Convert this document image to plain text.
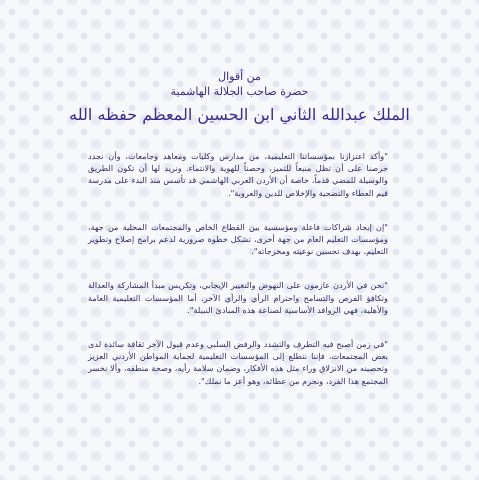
من أقوال

حضرة صاحب الجلالة الهاشمية

الملك عبدالله الثاني ابن الحسين المعظم حفظه الله

"وأكد اعتزازنا بمؤسساتنا التعليمية، من مدارس وكليات ومعاهد وجامعات، وأن نجدد حرصنا على أن تظل منبعاً للتميز، وحصناً للهوية والانتماء. ونريد لها أن تكون الطريق والوسيلة للمضي قدماً، خاصة أن الأردن العربي الهاشمي قد تأسس منذ البدء على مدرسة قيم العطاء والتضحية والإخلاص للدين والعروبة".

"إن إيجاد شراكات فاعلة ومؤسسية بين القطاع الخاص والمجتمعات المحلية من جهة، ومؤسسات التعليم العام من جهة أخرى، تشكل خطوة ضرورية لدعم برامج إصلاح وتطوير التعليم، بهدف تحسين نوعيته ومخرجاته".

"نحن في الأردن عازمون على النهوض والتغيير الإيجابي، وتكريس مبدأ المشاركة والعدالة وتكافؤ الفرص والتسامح واحترام الرأي والرأي الآخر. أما المؤسسات التعليمية العامة والأهلية، فهي الروافد الأساسية لصناعة هذه المبادئ النبيلة".

"في زمن أصبح فيه التطرف والتشدد والرفض السلبي وعدم قبول الآخر ثقافة سائدة لدى بعض المجتمعات، فإننا نتطلع إلى المؤسسات التعليمية لحماية المواطن الأردني العزيز وتحصينه من الانزلاق وراء مثل هذه الأفكار، وضمان سلامة رأيه، وصحة منطقه، وألا نخسر المجتمع هذا الفرد، ونحرم من عطائه، وهو أعز ما نملك".
